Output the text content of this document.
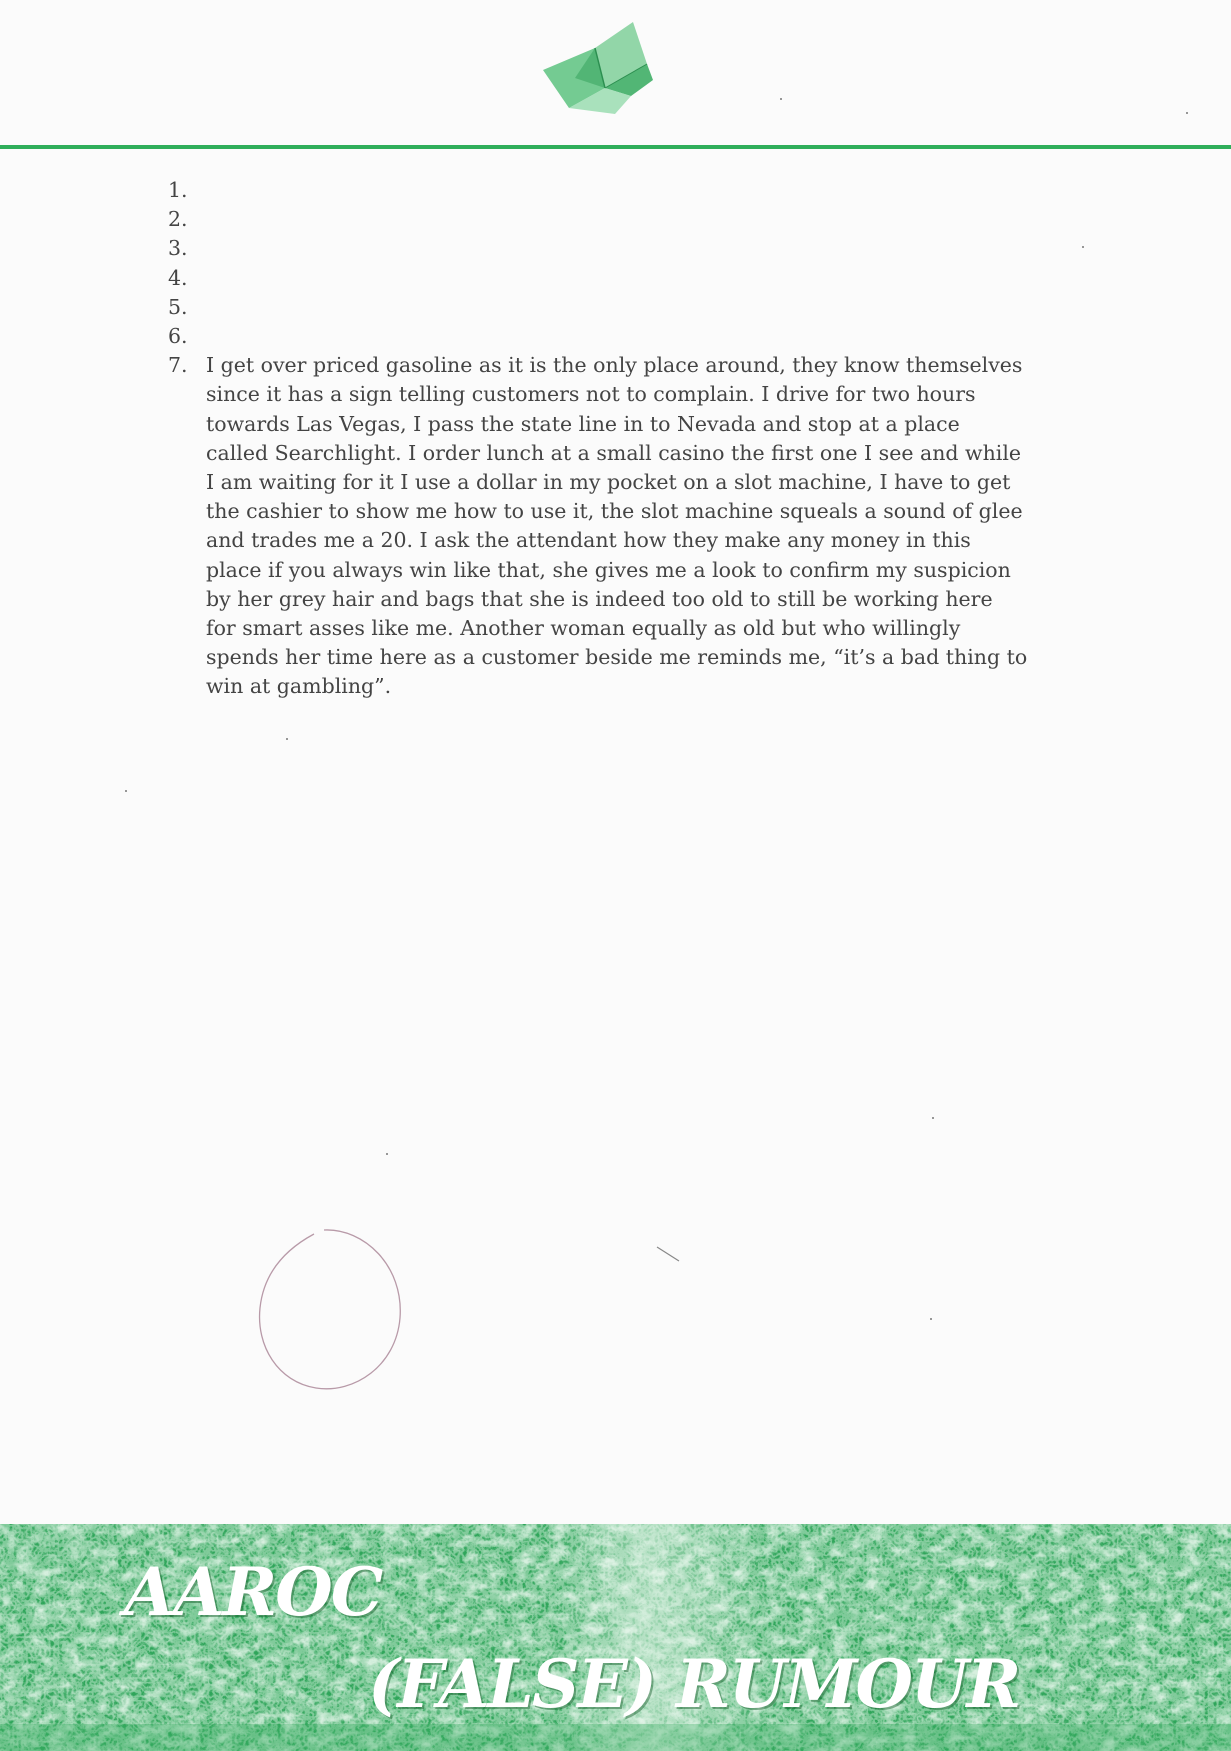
1.
2.
3.
4.
5.
6.
7. I get over priced gasoline as it is the only place around, they know themselves since it has a sign telling customers not to complain. I drive for two hours towards Las Vegas, I pass the state line in to Nevada and stop at a place called Searchlight. I order lunch at a small casino the first one I see and while I am waiting for it I use a dollar in my pocket on a slot machine, I have to get the cashier to show me how to use it, the slot machine squeals a sound of glee and trades me a 20. I ask the attendant how they make any money in this place if you always win like that, she gives me a look to confirm my suspicion by her grey hair and bags that she is indeed too old to still be working here for smart asses like me. Another woman equally as old but who willingly spends her time here as a customer beside me reminds me, “it’s a bad thing to win at gambling”.
AAROC
(FALSE) RUMOUR
